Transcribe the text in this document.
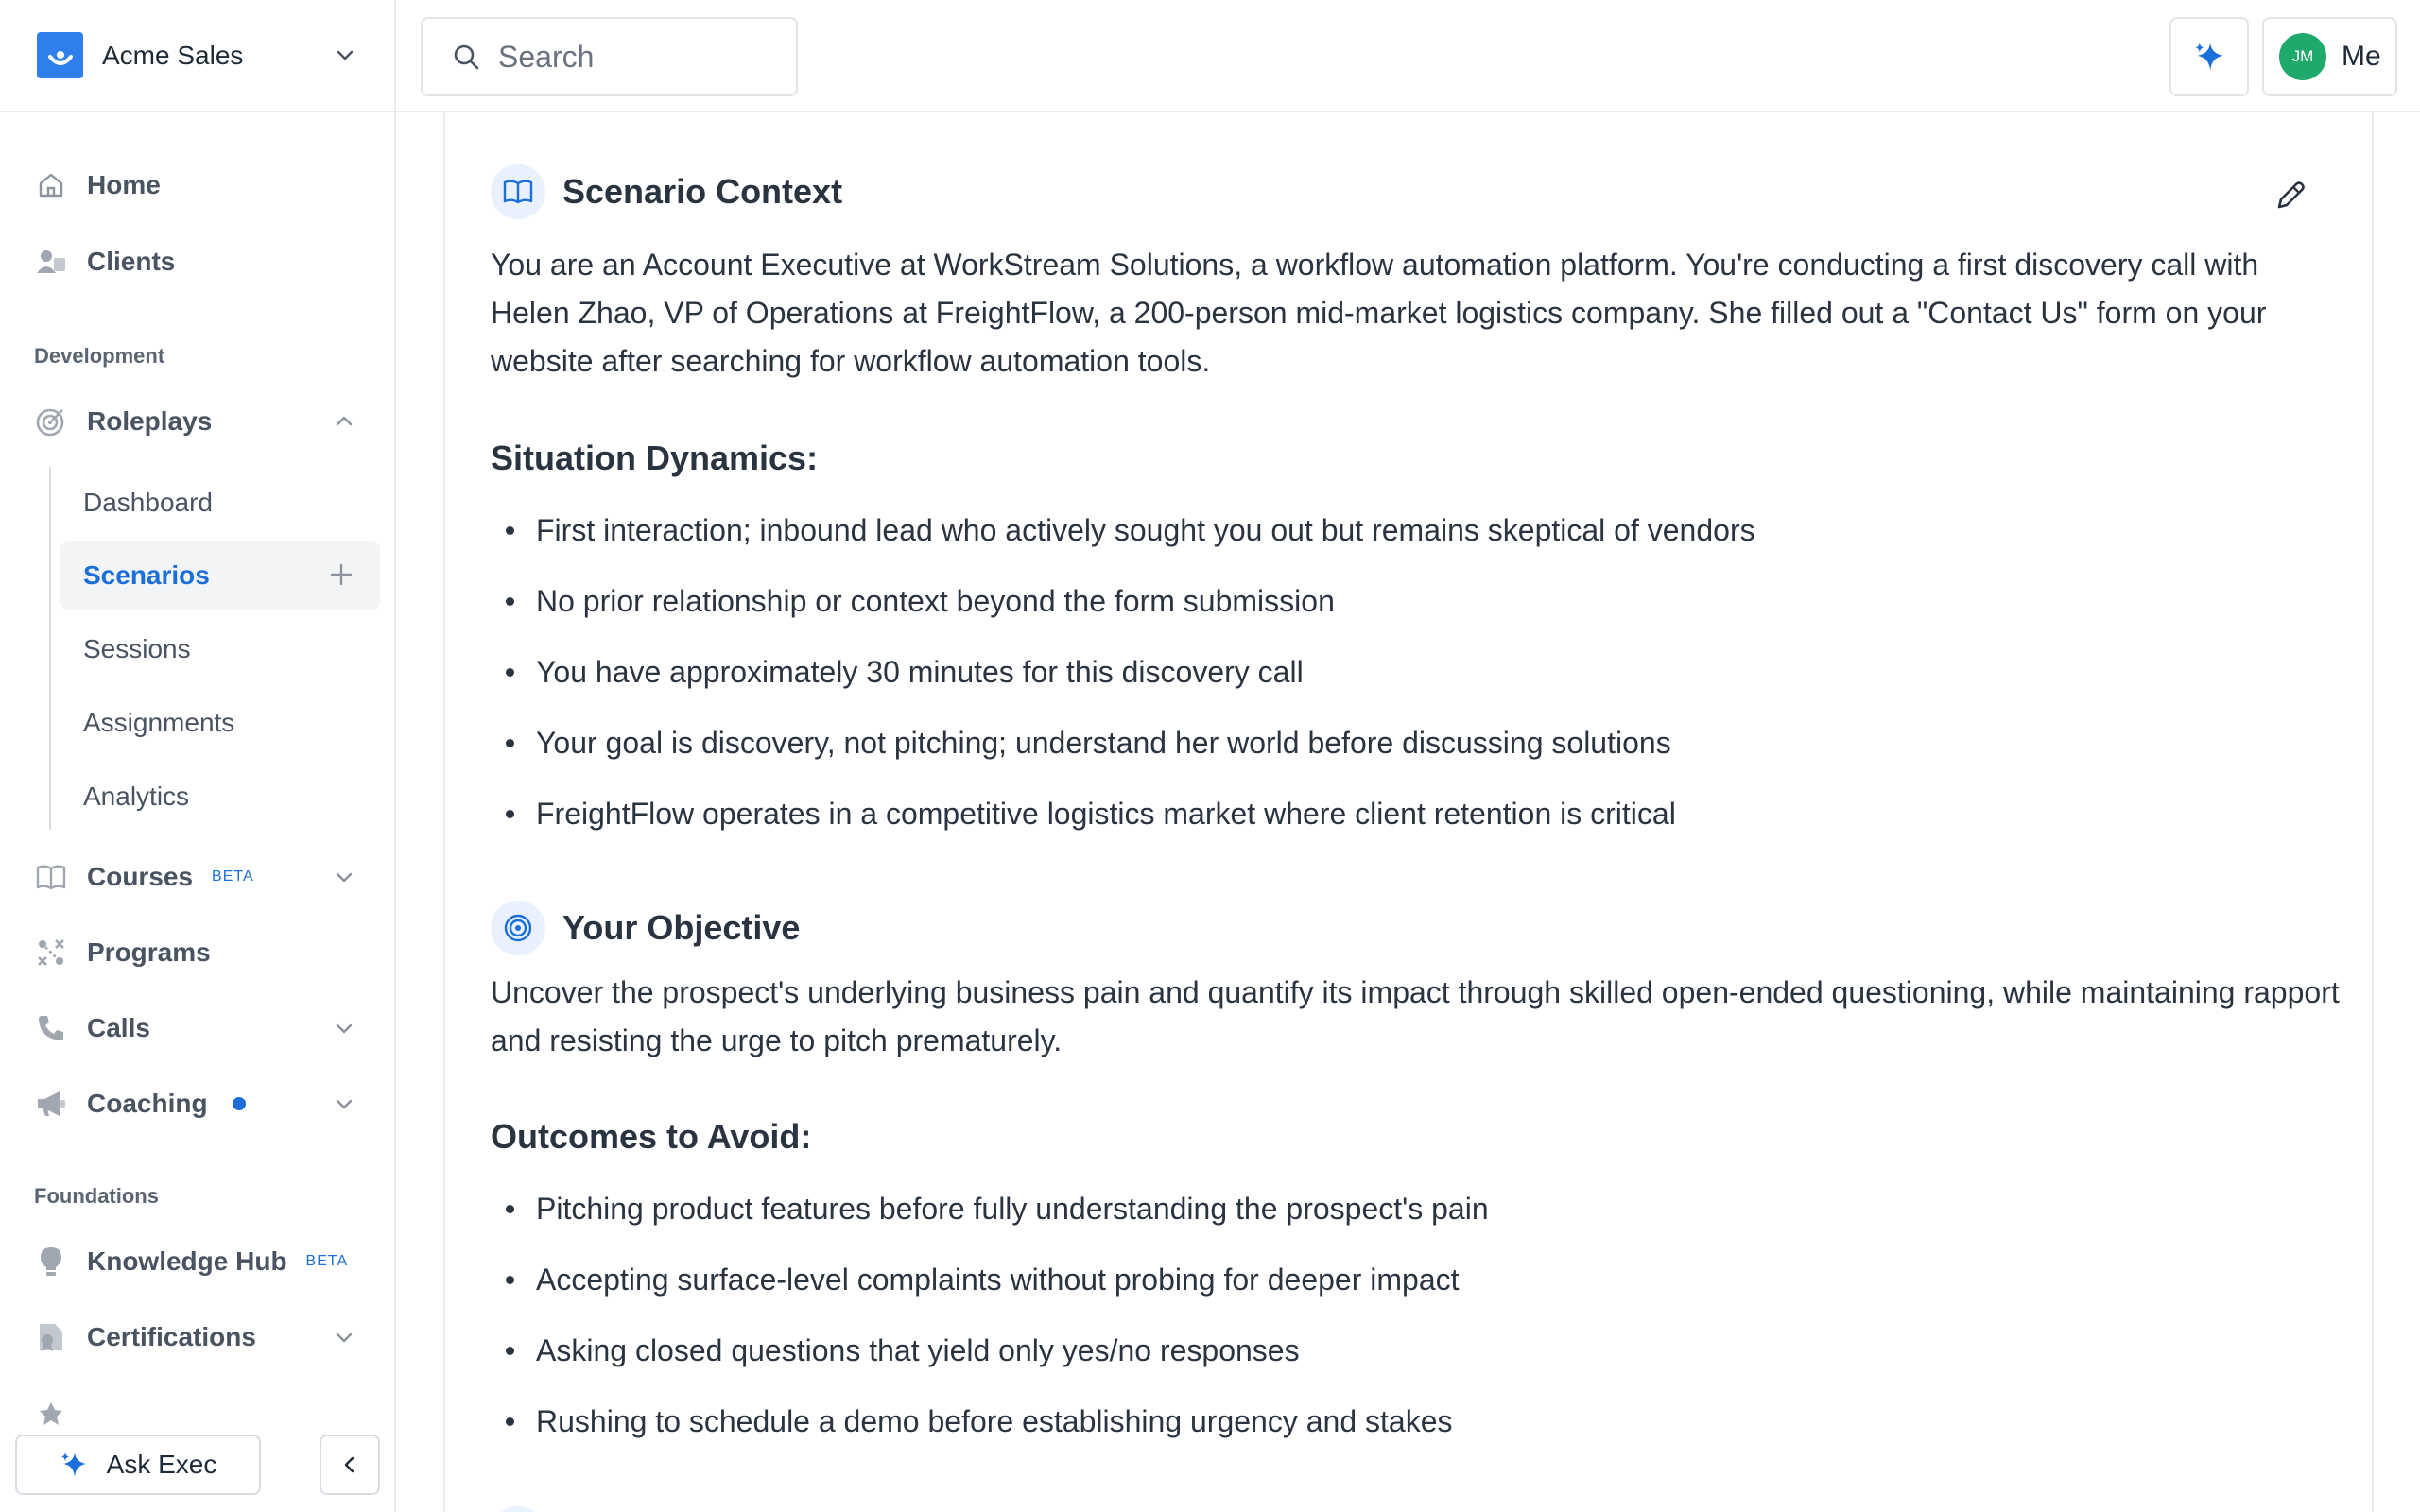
Acme Sales
Home
Clients
Development
Roleplays
Dashboard
Scenarios
Sessions
Assignments
Analytics
Courses BETA
Programs
Calls
Coaching
Foundations
Knowledge Hub BETA
Certifications
Ask Exec
Search	JM Me
Scenario Context

You are an Account Executive at WorkStream Solutions, a workflow automation platform. You're conducting a first discovery call with Helen Zhao, VP of Operations at FreightFlow, a 200-person mid-market logistics company. She filled out a "Contact Us" form on your website after searching for workflow automation tools.

Situation Dynamics:
First interaction; inbound lead who actively sought you out but remains skeptical of vendors
No prior relationship or context beyond the form submission
You have approximately 30 minutes for this discovery call
Your goal is discovery, not pitching; understand her world before discussing solutions
FreightFlow operates in a competitive logistics market where client retention is critical
Your Objective

Uncover the prospect's underlying business pain and quantify its impact through skilled open-ended questioning, while maintaining rapport and resisting the urge to pitch prematurely.

Outcomes to Avoid:
Pitching product features before fully understanding the prospect's pain
Accepting surface-level complaints without probing for deeper impact
Asking closed questions that yield only yes/no responses
Rushing to schedule a demo before establishing urgency and stakes
